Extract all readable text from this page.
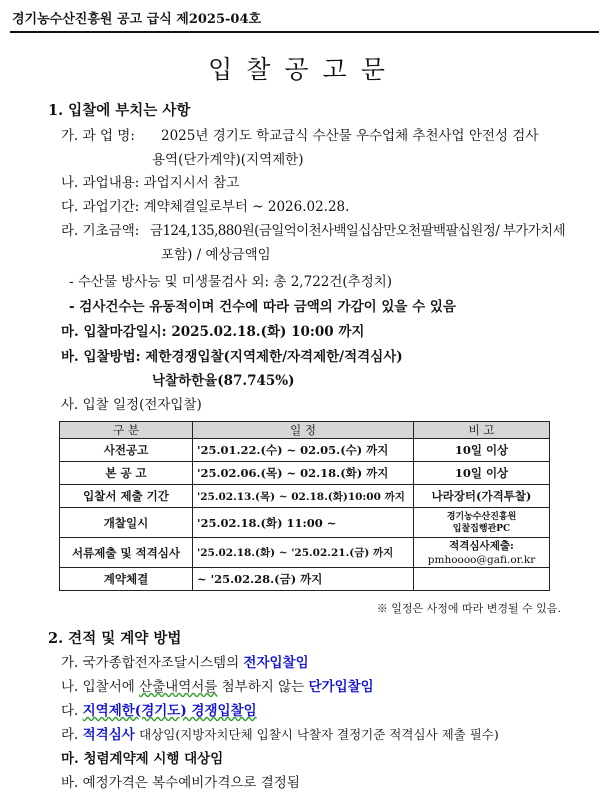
경기농수산진흥원 공고 급식 제2025-04호
입찰공고문
1. 입찰에 부치는 사항
가. 과 업 명: 2025년 경기도 학교급식 수산물 우수업체 추천사업 안전성 검사
용역(단가계약)(지역제한)
나. 과업내용: 과업지시서 참고
다. 과업기간: 계약체결일로부터 ~ 2026.02.28.
라. 기초금액: 금124,135,880원(금일억이천사백일십삼만오천팔백팔십원정/ 부가가치세
포함) / 예상금액임
- 수산물 방사능 및 미생물검사 외: 총 2,722건(추정치)
- 검사건수는 유동적이며 건수에 따라 금액의 가감이 있을 수 있음
마. 입찰마감일시: 2025.02.18.(화) 10:00 까지
바. 입찰방법: 제한경쟁입찰(지역제한/자격제한/적격심사)
낙찰하한율(87.745%)
사. 입찰 일정(전자입찰)
구 분	일 정	비 고
사전공고	'25.01.22.(수) ~ 02.05.(수) 까지	10일 이상
본 공 고	'25.02.06.(목) ~ 02.18.(화) 까지	10일 이상
입찰서 제출 기간	'25.02.13.(목) ~ 02.18.(화)10:00 까지	나라장터(가격투찰)
개찰일시	'25.02.18.(화) 11:00 ~	경기농수산진흥원
입찰집행관PC

서류제출 및 적격심사	'25.02.18.(화) ~ '25.02.21.(금) 까지	적격심사제출:
pmhoooo@gafi.or.kr

계약체결	~ '25.02.28.(금) 까지	
※ 일정은 사정에 따라 변경될 수 있음.
2. 견적 및 계약 방법
가. 국가종합전자조달시스템의 전자입찰임
나. 입찰서에 산출내역서를 첨부하지 않는 단가입찰임
다. 지역제한(경기도) 경쟁입찰임
라. 적격심사 대상임(지방자치단체 입찰시 낙찰자 결정기준 적격심사 제출 필수)
마. 청렴계약제 시행 대상임
바. 예정가격은 복수예비가격으로 결정됨
